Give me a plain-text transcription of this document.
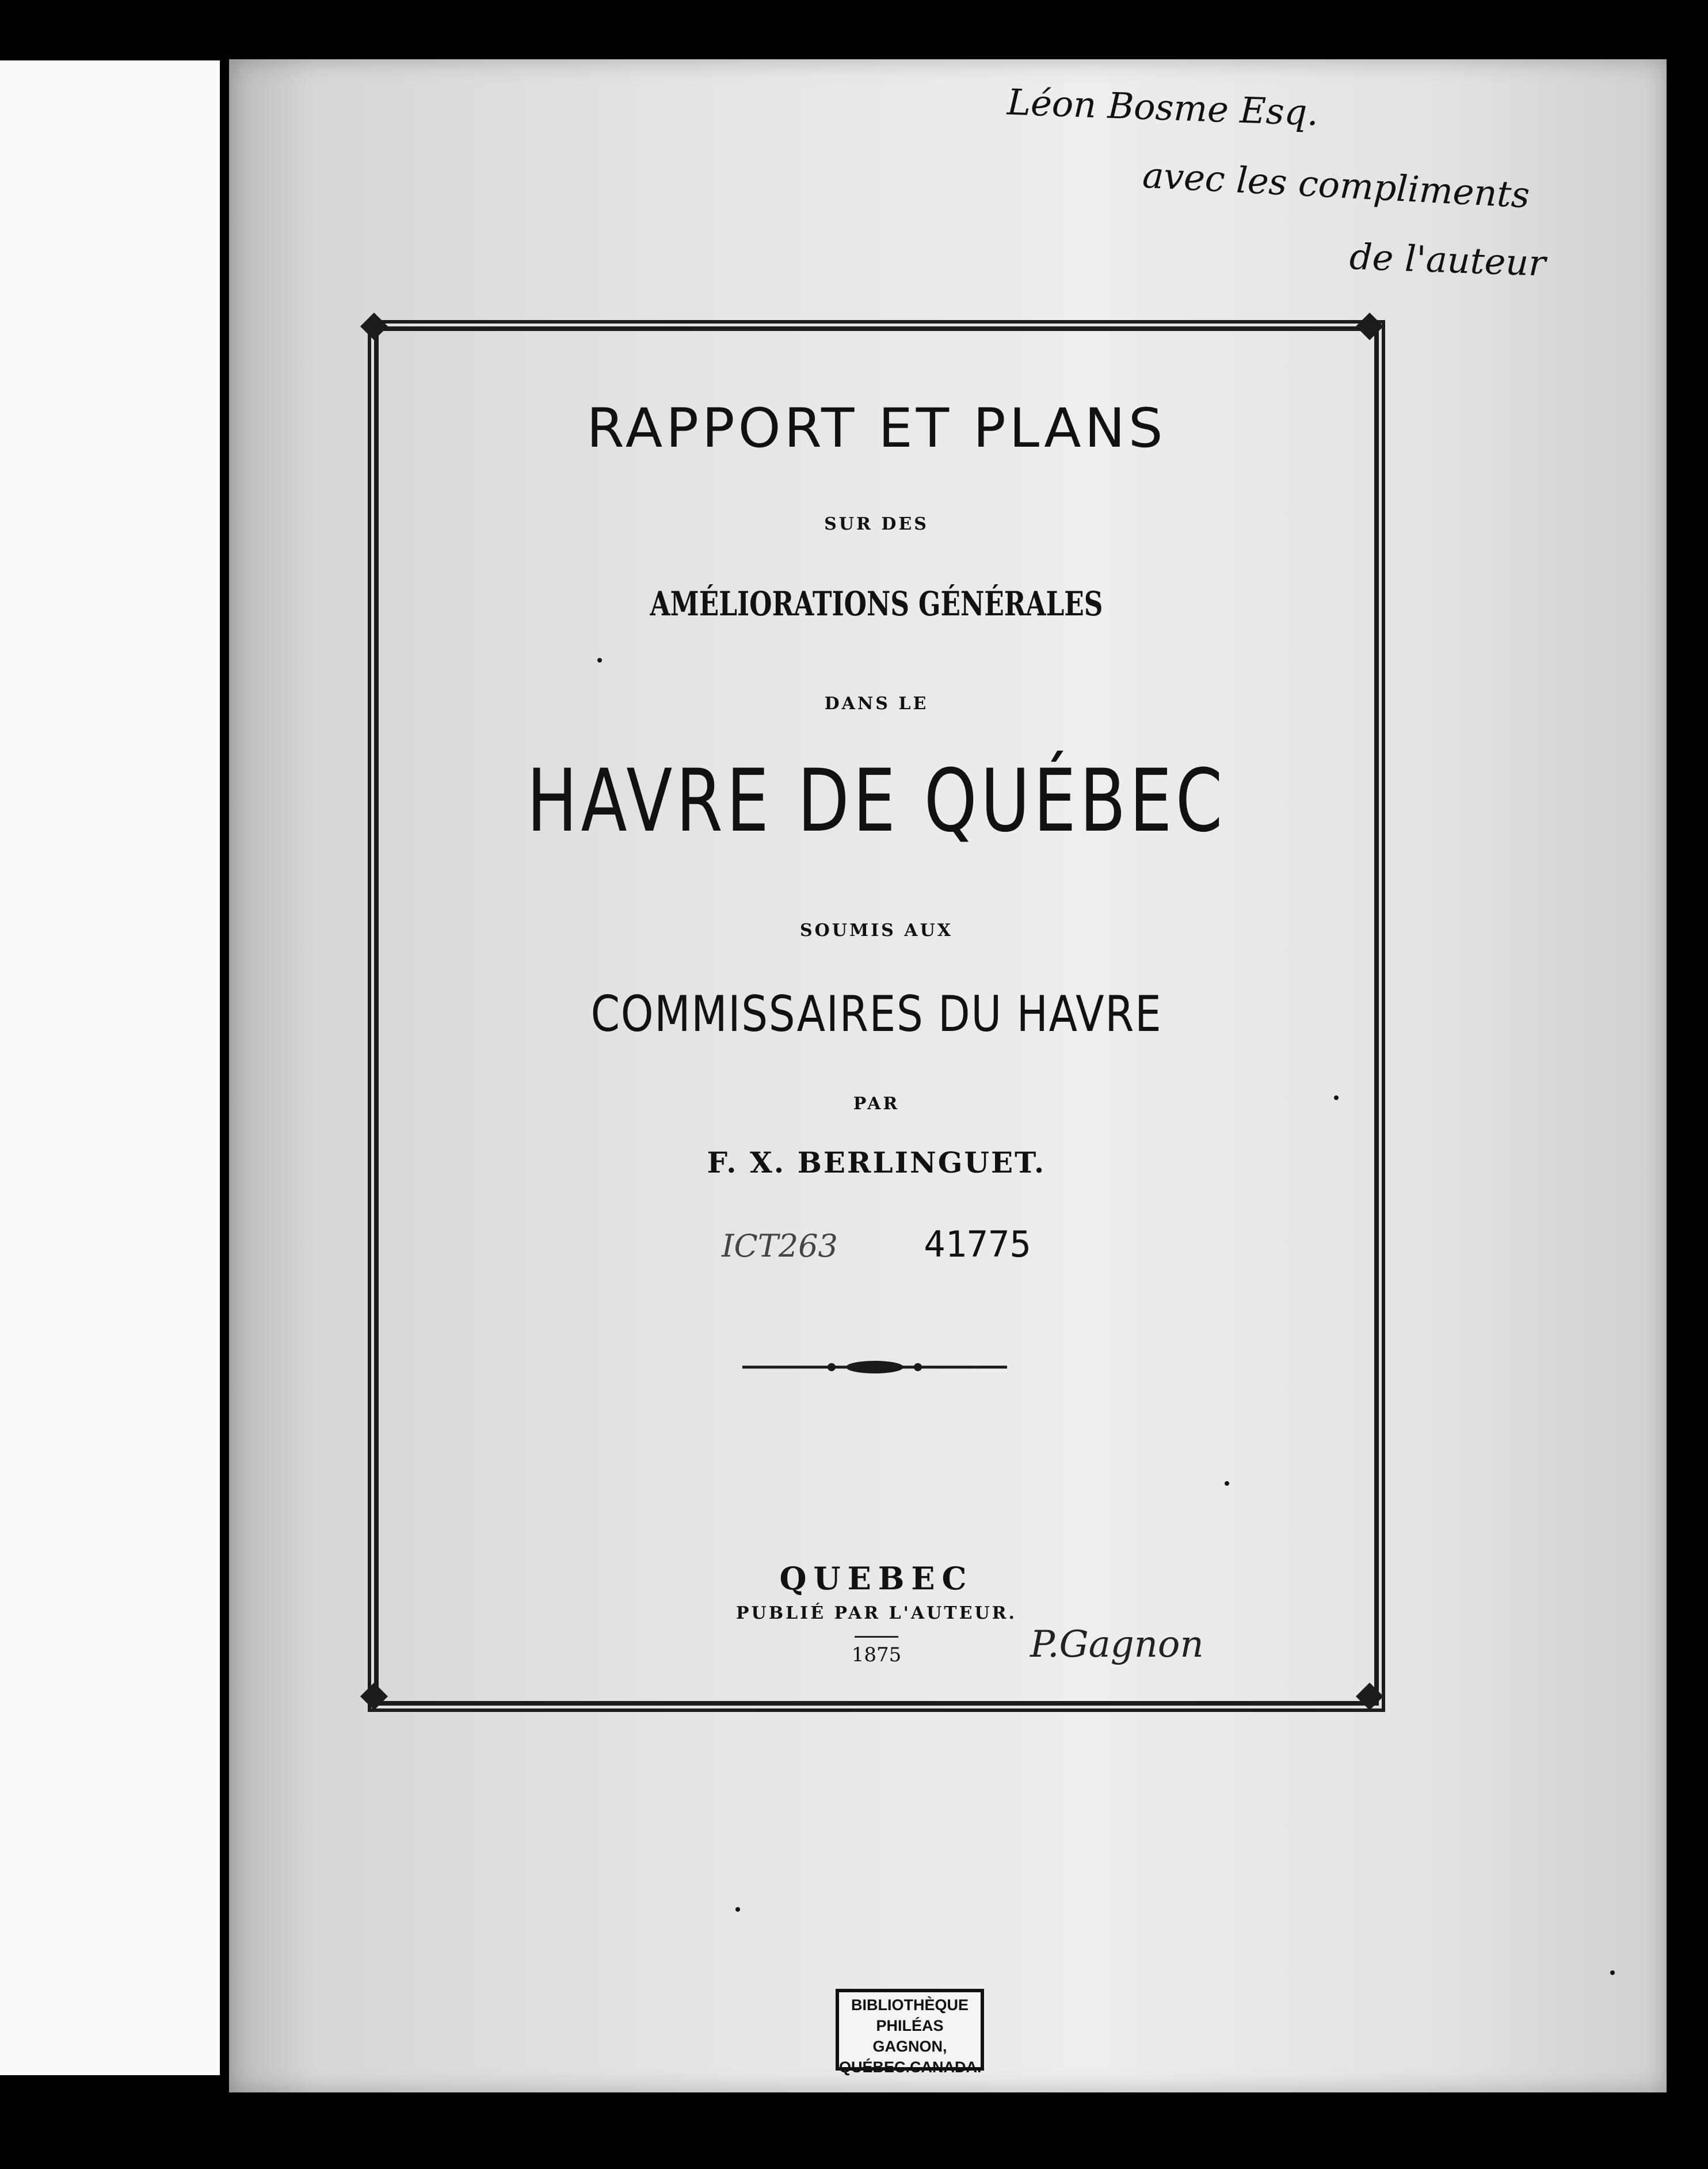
Léon Bosme Esq.
avec les compliments
de l'auteur
RAPPORT ET PLANS
SUR DES
AMÉLIORATIONS GÉNÉRALES
DANS LE
HAVRE DE QUÉBEC
SOUMIS AUX
COMMISSAIRES DU HAVRE
PAR
F. X. BERLINGUET.
ICT263 41775
QUEBEC
PUBLIÉ PAR L'AUTEUR.
1875	P.Gagnon
BIBLIOTHÈQUE
PHILÉAS GAGNON,
QUÉBEC.CANADA.
